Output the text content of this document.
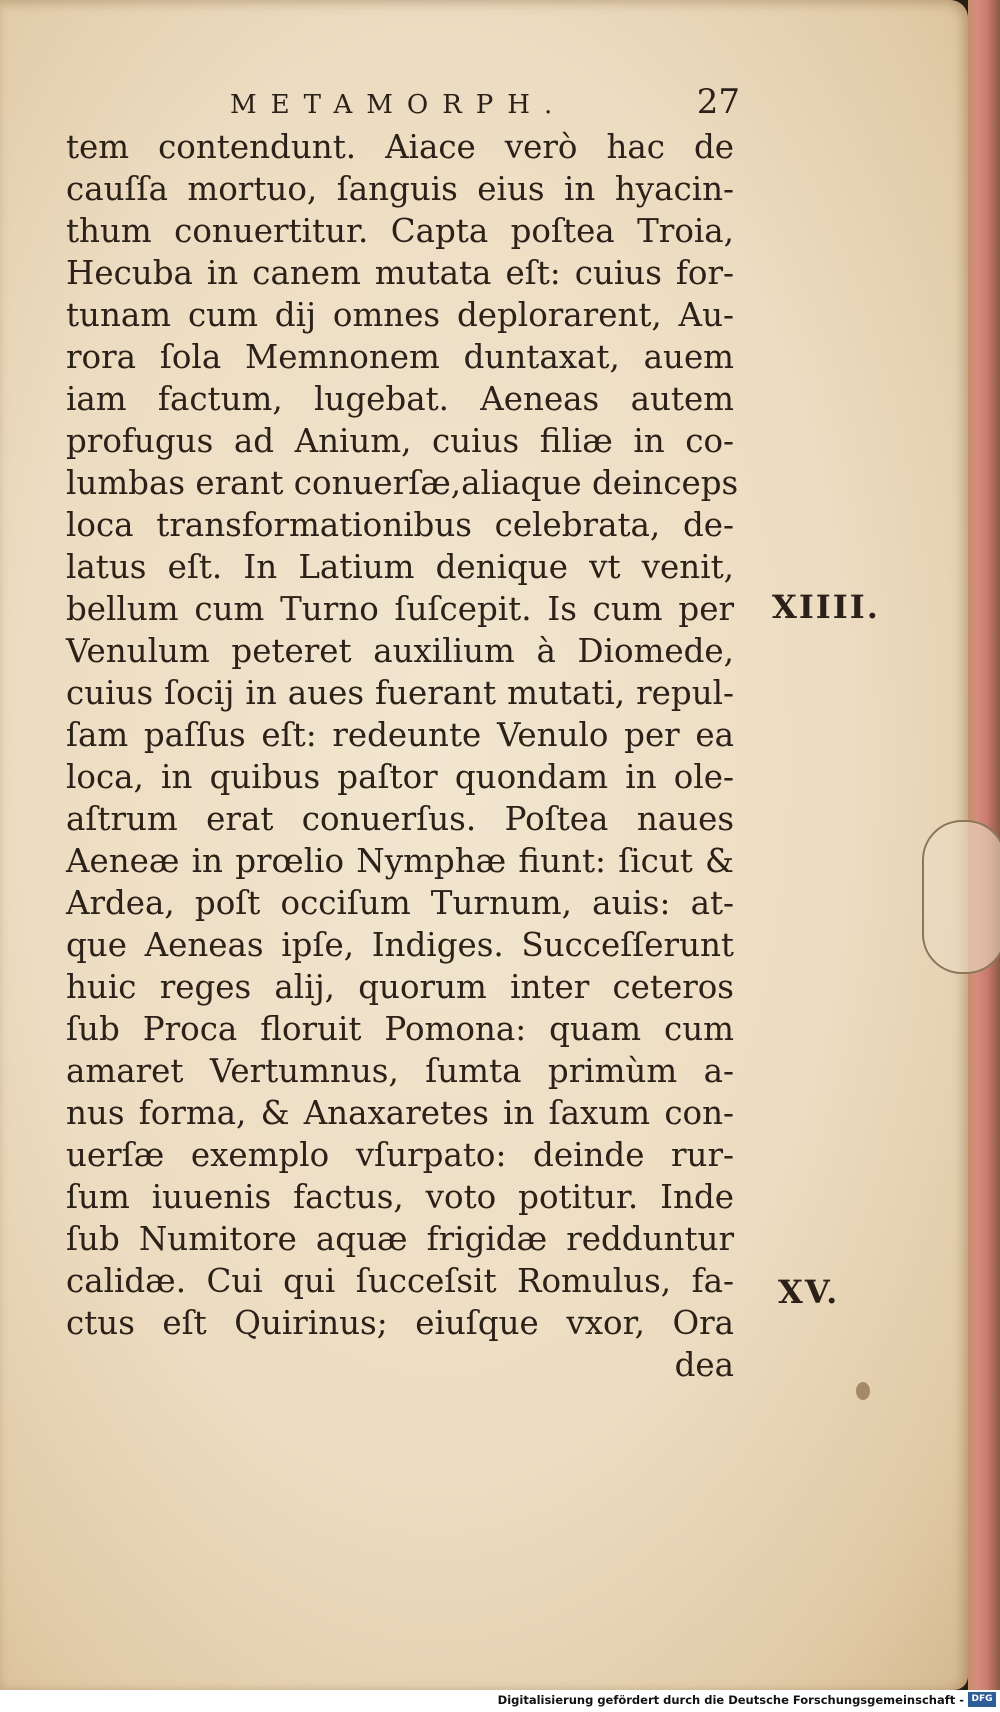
METAMORPH.	27
tem contendunt. Aiace verò hac de
cauſſa mortuo, ſanguis eius in hyacin-
thum conuertitur. Capta poſtea Troia,
Hecuba in canem mutata eſt: cuius for-
tunam cum dij omnes deplorarent, Au-
rora ſola Memnonem duntaxat, auem
iam factum, lugebat. Aeneas autem
profugus ad Anium, cuius filiæ in co-
lumbas erant conuerſæ,aliaque deinceps
loca transformationibus celebrata, de-
latus eſt. In Latium denique vt venit,
bellum cum Turno ſuſcepit. Is cum per
Venulum peteret auxilium à Diomede,
cuius ſocij in aues fuerant mutati, repul-
ſam paſſus eſt: redeunte Venulo per ea
loca, in quibus paſtor quondam in ole-
aſtrum erat conuerſus. Poſtea naues
Aeneæ in prœlio Nymphæ fiunt: ſicut &
Ardea, poſt occiſum Turnum, auis: at-
que Aeneas ipſe, Indiges. Succeſſerunt
huic reges alij, quorum inter ceteros
ſub Proca floruit Pomona: quam cum
amaret Vertumnus, ſumta primùm a-
nus forma, & Anaxaretes in ſaxum con-
uerſæ exemplo vſurpato: deinde rur-
ſum iuuenis factus, voto potitur. Inde
ſub Numitore aquæ frigidæ redduntur
calidæ. Cui qui ſucceſsit Romulus, fa-
ctus eſt Quirinus; eiuſque vxor, Ora
dea
XIIII.
XV.
Digitalisierung gefördert durch die Deutsche Forschungsgemeinschaft - DFG
